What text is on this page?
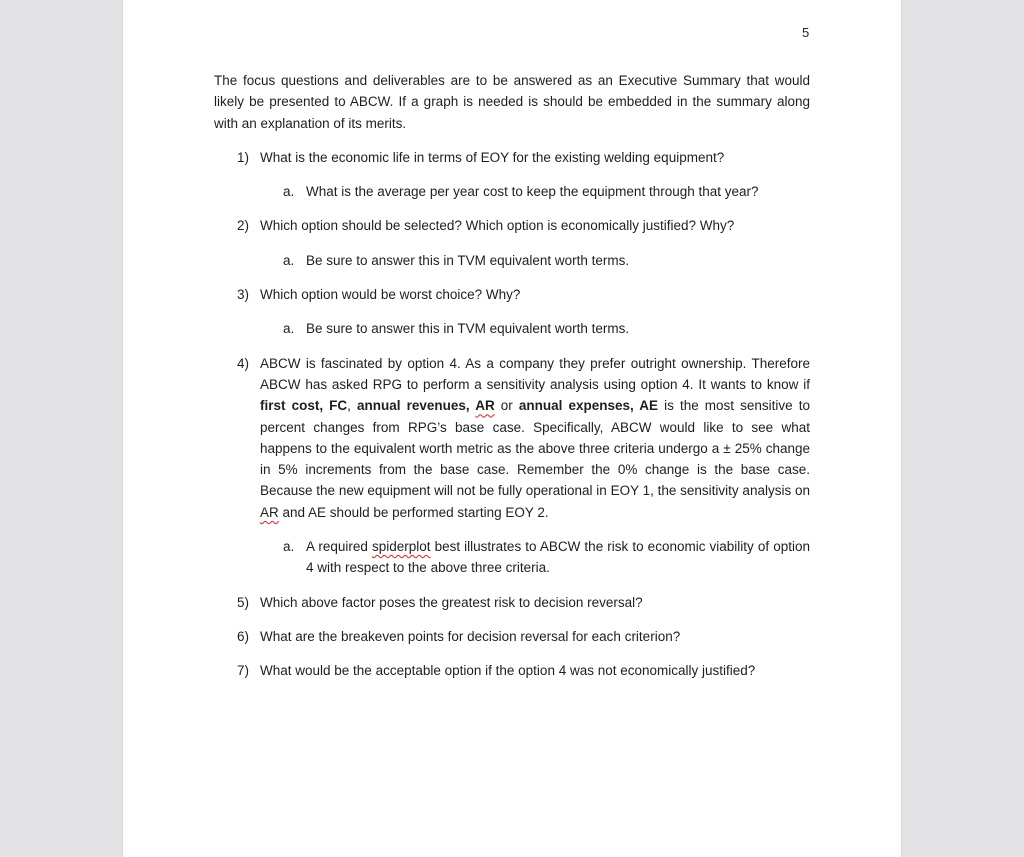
5

The focus questions and deliverables are to be answered as an Executive Summary that would likely be presented to ABCW. If a graph is needed is should be embedded in the summary along with an explanation of its merits.

1) What is the economic life in terms of EOY for the existing welding equipment?
a. What is the average per year cost to keep the equipment through that year?
2) Which option should be selected? Which option is economically justified? Why?
a. Be sure to answer this in TVM equivalent worth terms.
3) Which option would be worst choice? Why?
a. Be sure to answer this in TVM equivalent worth terms.
4) ABCW is fascinated by option 4. As a company they prefer outright ownership. Therefore ABCW has asked RPG to perform a sensitivity analysis using option 4. It wants to know if first cost, FC, annual revenues, AR or annual expenses, AE is the most sensitive to percent changes from RPG’s base case. Specifically, ABCW would like to see what happens to the equivalent worth metric as the above three criteria undergo a ± 25% change in 5% increments from the base case. Remember the 0% change is the base case. Because the new equipment will not be fully operational in EOY 1, the sensitivity analysis on AR and AE should be performed starting EOY 2.
a. A required spiderplot best illustrates to ABCW the risk to economic viability of option 4 with respect to the above three criteria.
5) Which above factor poses the greatest risk to decision reversal?
6) What are the breakeven points for decision reversal for each criterion?
7) What would be the acceptable option if the option 4 was not economically justified?
